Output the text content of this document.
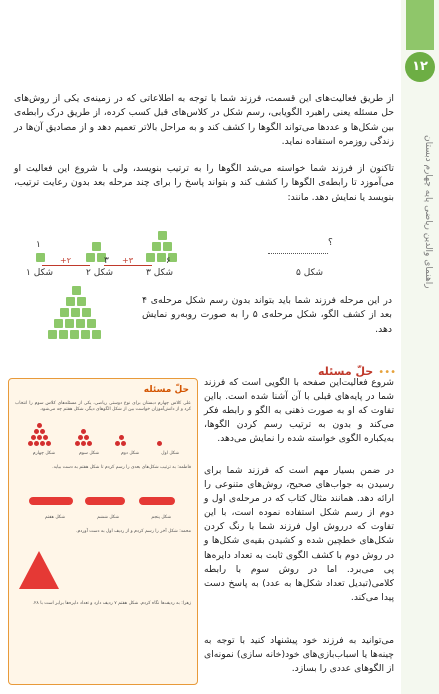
۱۲
راهنمای والدین ریاضی پایه چهارم دبستان
از طریق فعالیت‌های این قسمت، فرزند شما با توجه به اطلاعاتی که در زمینه‌ی یکی از روش‌های حل مسئله یعنی راهبرد الگویابی، رسم شکل در کلاس‌های قبل کسب کرده، از طریق درک رابطه‌ی بین شکل‌ها و عددها می‌تواند الگوها را کشف کند و به مراحل بالاتر تعمیم دهد و از مصادیق آن‌ها در زندگی روزمره استفاده نماید.
تاکنون از فرزند شما خواسته می‌شد الگوها را به ترتیب بنویسد، ولی با شروع این فعالیت او می‌آموزد تا رابطه‌ی الگوها را کشف کند و بتواند پاسخ را برای چند مرحله بعد بدون رعایت ترتیب، بنویسد یا نمایش دهد. مانند:
+۲	+۳
۱
۳	۶
؟
شکل ۱	شکل ۲	شکل ۳	شکل ۵
در این مرحله فرزند شما باید بتواند بدون رسم شکل مرحله‌ی ۴ بعد از کشف الگو، شکل مرحله‌ی ۵ را به صورت روبه‌رو نمایش دهد.
حلّ مسئله •••
شروع فعالیت‌این صفحه با الگویی است که فرزند شما در پایه‌های قبلی با آن آشنا شده است. بااین تفاوت که او به صورت ذهنی به الگو و رابطه فکر می‌کند و بدون به ترتیب رسم کردن الگوها، به‌یکباره الگوی خواسته شده را نمایش می‌دهد.
در ضمن بسیار مهم است که فرزند شما برای رسیدن به جواب‌های صحیح، روش‌های متنوعی را ارائه دهد. همانند مثال کتاب که در مرحله‌ی اول و دوم از رسم شکل استفاده نموده است، با این تفاوت که درروش اول فرزند شما با رنگ کردن شکل‌های خطچین شده و کشیدن بقیه‌ی شکل‌ها و در روش دوم با کشف الگوی ثابت به تعداد دایره‌ها پی می‌برد. اما در روش سوم با رابطه کلامی(تبدیل تعداد شکل‌ها به عدد) به پاسخ دست پیدا می‌کند.
می‌توانید به فرزند خود پیشنهاد کنید با توجه به چینه‌ها یا اسباب‌بازی‌های خود(خانه سازی) نمونه‌ای از الگوهای عددی را بسازد.
حلّ مسئله
علی کلاس چهارم دبستان برای نوع دوستی ریاضی، یکی از مسئله‌های کلاس سوم را انتخاب کرد و از دانش‌آموزان خواست بین از شکل الگوهای دیگر، شکل هفتم چه می‌شود.
شکل اول
شکل دوم
شکل سوم
شکل چهارم
فاطمه: به ترتیب شکل‌های بعدی را رسم کردم تا شکل هفتم به دست بیاید.
شکل پنجم
شکل ششم
شکل هفتم
محمد: شکل آخر را رسم کردم و از ردیف اول به دست آوردم.
زهرا: به ردیف‌ها نگاه کردم. شکل هفتم ۷ ردیف دارد و تعداد دایره‌ها برابر است با ۲۸.
